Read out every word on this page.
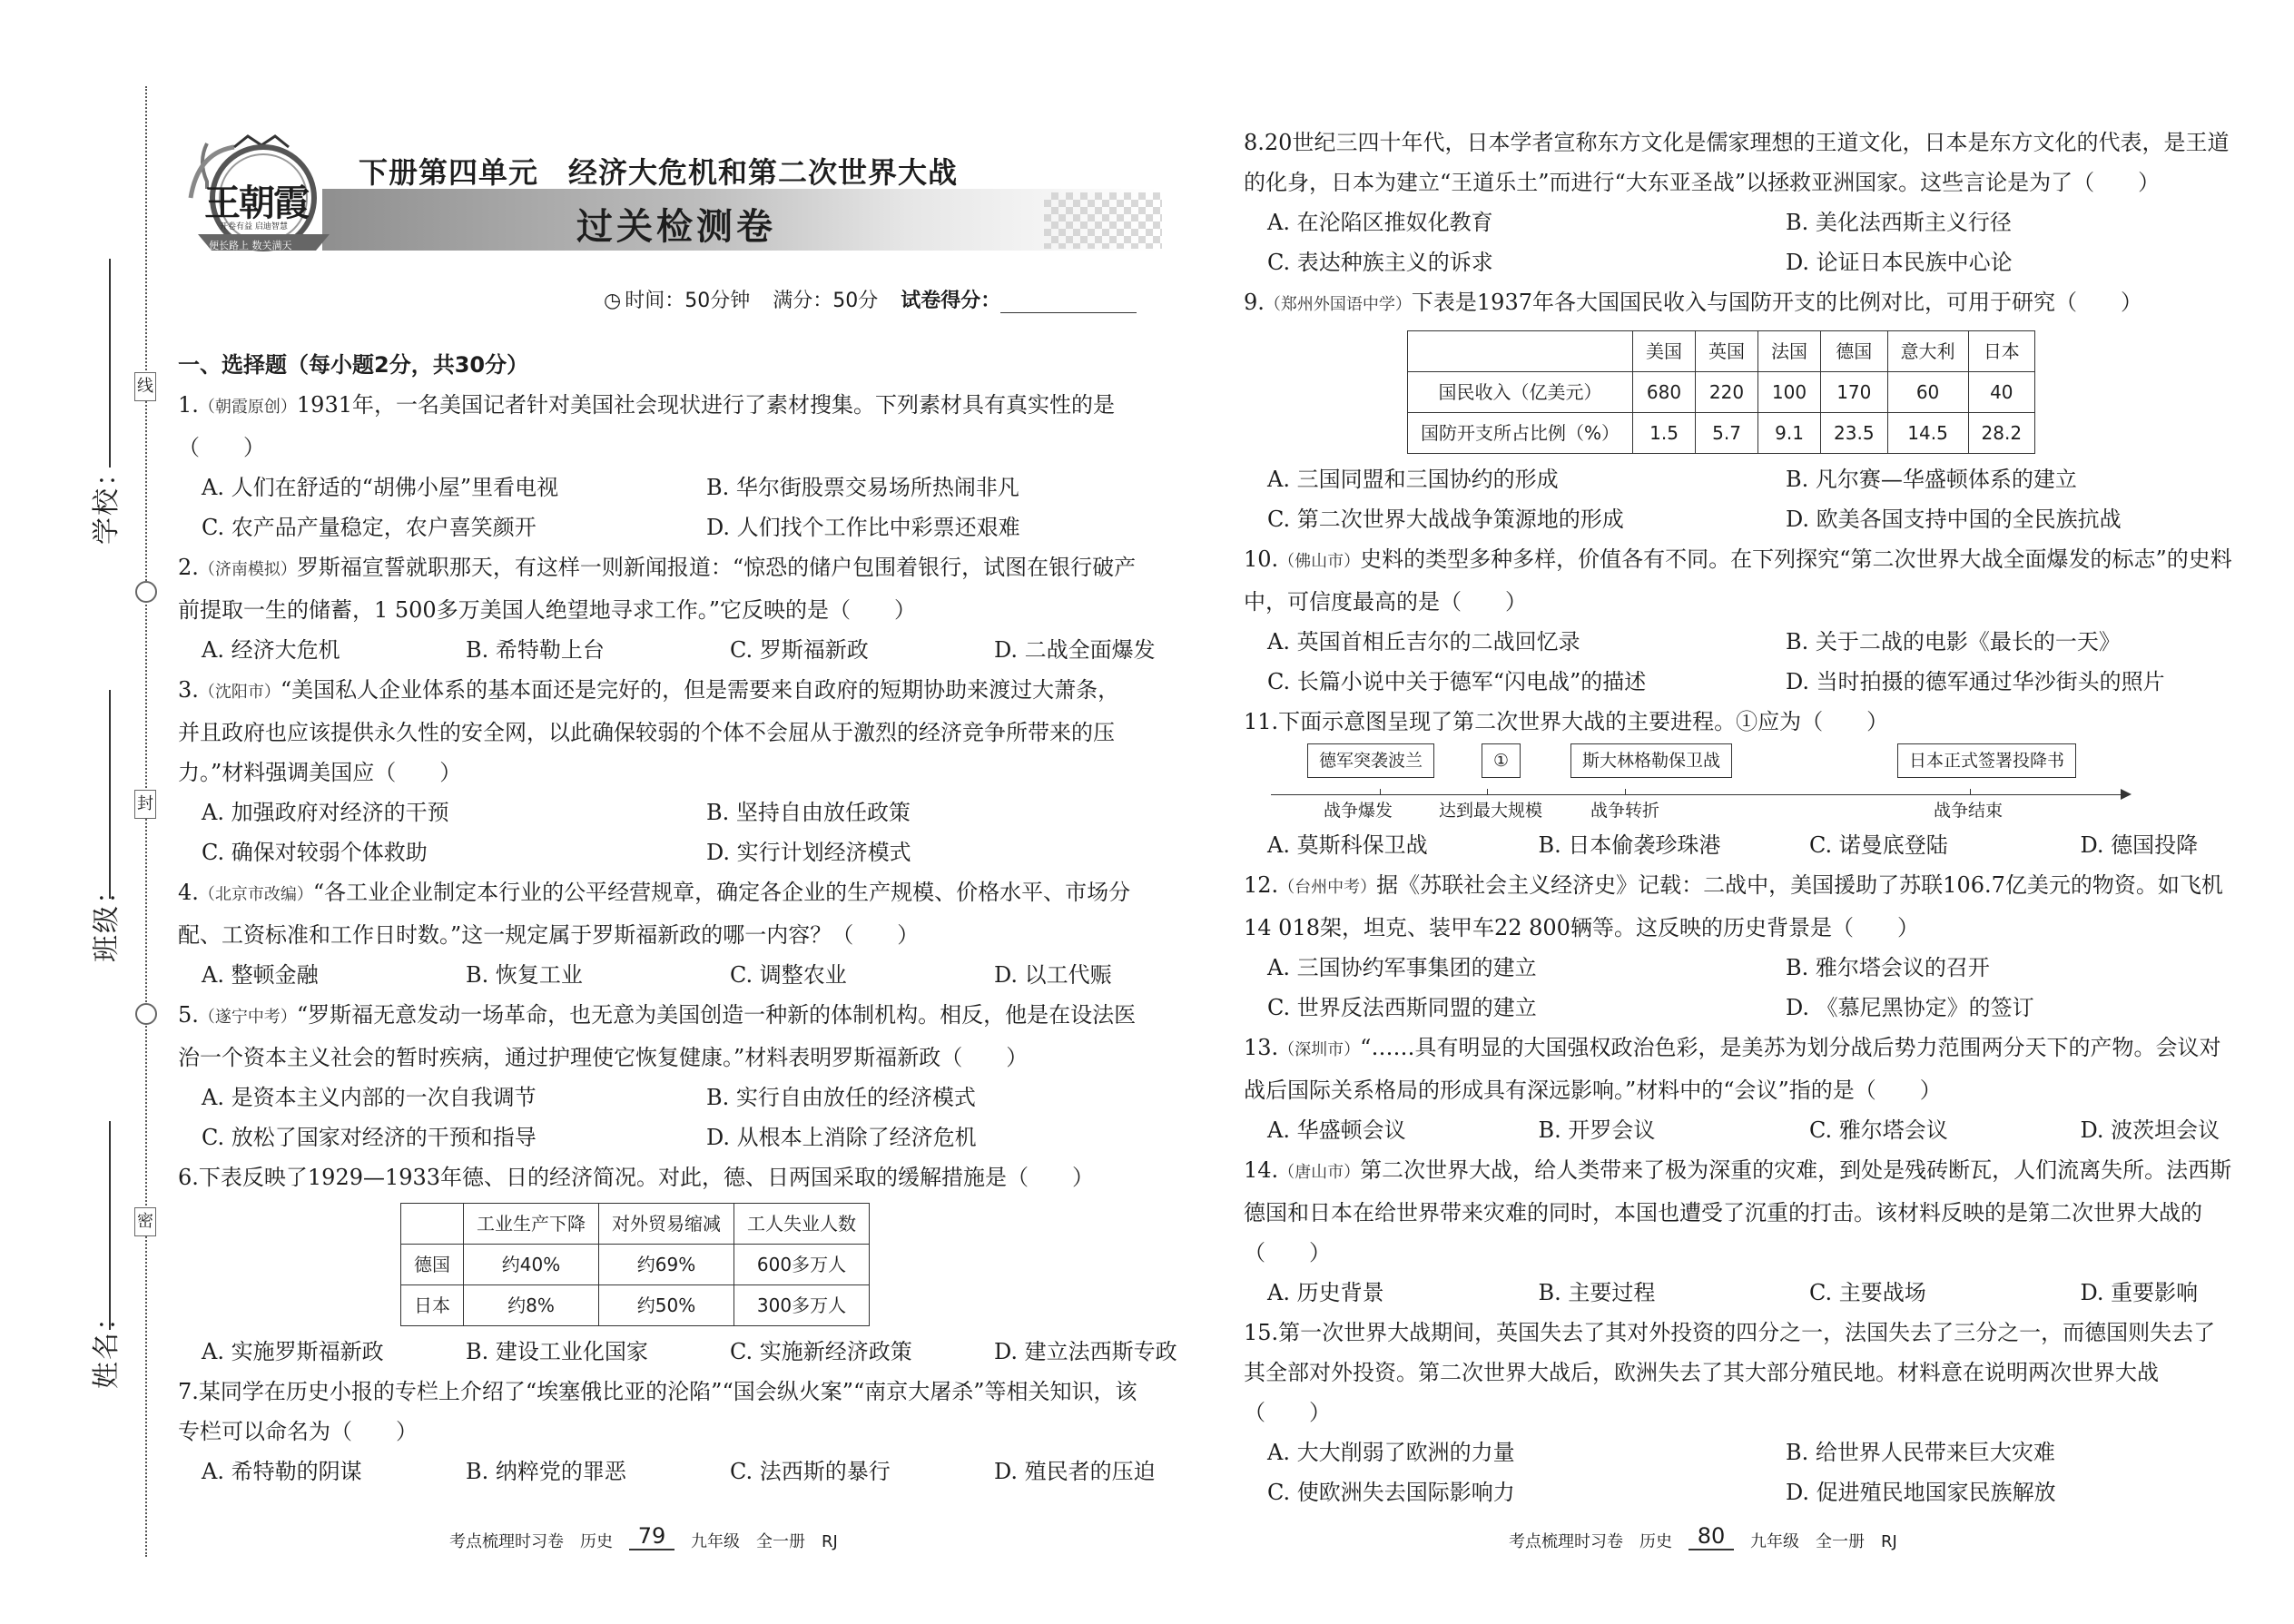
线
封
密
学校：
班级：
姓名：
王朝霞
开卷有益 启迪智慧
便长路上 数关满天
下册第四单元　经济大危机和第二次世界大战
过关检测卷
◷ 时间：50分钟 满分：50分 试卷得分：
一、选择题（每小题2分，共30分）
1.（朝霞原创）1931年，一名美国记者针对美国社会现状进行了素材搜集。下列素材具有真实性的是（　　）
A. 人们在舒适的“胡佛小屋”里看电视	B. 华尔街股票交易场所热闹非凡
C. 农产品产量稳定，农户喜笑颜开	D. 人们找个工作比中彩票还艰难
2.（济南模拟）罗斯福宣誓就职那天，有这样一则新闻报道：“惊恐的储户包围着银行，试图在银行破产前提取一生的储蓄，1 500多万美国人绝望地寻求工作。”它反映的是（　　）
A. 经济大危机	B. 希特勒上台	C. 罗斯福新政	D. 二战全面爆发
3.（沈阳市）“美国私人企业体系的基本面还是完好的，但是需要来自政府的短期协助来渡过大萧条，并且政府也应该提供永久性的安全网，以此确保较弱的个体不会屈从于激烈的经济竞争所带来的压力。”材料强调美国应（　　）
A. 加强政府对经济的干预	B. 坚持自由放任政策
C. 确保对较弱个体救助	D. 实行计划经济模式
4.（北京市改编）“各工业企业制定本行业的公平经营规章，确定各企业的生产规模、价格水平、市场分配、工资标准和工作日时数。”这一规定属于罗斯福新政的哪一内容？（　　）
A. 整顿金融	B. 恢复工业	C. 调整农业	D. 以工代赈
5.（遂宁中考）“罗斯福无意发动一场革命，也无意为美国创造一种新的体制机构。相反，他是在设法医治一个资本主义社会的暂时疾病，通过护理使它恢复健康。”材料表明罗斯福新政（　　）
A. 是资本主义内部的一次自我调节	B. 实行自由放任的经济模式
C. 放松了国家对经济的干预和指导	D. 从根本上消除了经济危机
6.下表反映了1929—1933年德、日的经济简况。对此，德、日两国采取的缓解措施是（　　）
	工业生产下降	对外贸易缩减	工人失业人数
德国	约40%	约69%	600多万人
日本	约8%	约50%	300多万人
A. 实施罗斯福新政	B. 建设工业化国家	C. 实施新经济政策	D. 建立法西斯专政
7.某同学在历史小报的专栏上介绍了“埃塞俄比亚的沦陷”“国会纵火案”“南京大屠杀”等相关知识，该专栏可以命名为（　　）
A. 希特勒的阴谋	B. 纳粹党的罪恶	C. 法西斯的暴行	D. 殖民者的压迫
8.20世纪三四十年代，日本学者宣称东方文化是儒家理想的王道文化，日本是东方文化的代表，是王道的化身，日本为建立“王道乐土”而进行“大东亚圣战”以拯救亚洲国家。这些言论是为了（　　）
A. 在沦陷区推奴化教育	B. 美化法西斯主义行径
C. 表达种族主义的诉求	D. 论证日本民族中心论
9.（郑州外国语中学）下表是1937年各大国国民收入与国防开支的比例对比，可用于研究（　　）
	美国	英国	法国	德国	意大利	日本
国民收入（亿美元）	680	220	100	170	60	40
国防开支所占比例（%）	1.5	5.7	9.1	23.5	14.5	28.2
A. 三国同盟和三国协约的形成	B. 凡尔赛—华盛顿体系的建立
C. 第二次世界大战战争策源地的形成	D. 欧美各国支持中国的全民族抗战
10.（佛山市）史料的类型多种多样，价值各有不同。在下列探究“第二次世界大战全面爆发的标志”的史料中，可信度最高的是（　　）
A. 英国首相丘吉尔的二战回忆录	B. 关于二战的电影《最长的一天》
C. 长篇小说中关于德军“闪电战”的描述	D. 当时拍摄的德军通过华沙街头的照片
11.下面示意图呈现了第二次世界大战的主要进程。①应为（　　）
德军突袭波兰	①	斯大林格勒保卫战	日本正式签署投降书
战争爆发	达到最大规模	战争转折	战争结束
A. 莫斯科保卫战	B. 日本偷袭珍珠港	C. 诺曼底登陆	D. 德国投降
12.（台州中考）据《苏联社会主义经济史》记载：二战中，美国援助了苏联106.7亿美元的物资。如飞机14 018架，坦克、装甲车22 800辆等。这反映的历史背景是（　　）
A. 三国协约军事集团的建立	B. 雅尔塔会议的召开
C. 世界反法西斯同盟的建立	D. 《慕尼黑协定》的签订
13.（深圳市）“……具有明显的大国强权政治色彩，是美苏为划分战后势力范围两分天下的产物。会议对战后国际关系格局的形成具有深远影响。”材料中的“会议”指的是（　　）
A. 华盛顿会议	B. 开罗会议	C. 雅尔塔会议	D. 波茨坦会议
14.（唐山市）第二次世界大战，给人类带来了极为深重的灾难，到处是残砖断瓦，人们流离失所。法西斯德国和日本在给世界带来灾难的同时，本国也遭受了沉重的打击。该材料反映的是第二次世界大战的（　　）
A. 历史背景	B. 主要过程	C. 主要战场	D. 重要影响
15.第一次世界大战期间，英国失去了其对外投资的四分之一，法国失去了三分之一，而德国则失去了其全部对外投资。第二次世界大战后，欧洲失去了其大部分殖民地。材料意在说明两次世界大战（　　）
A. 大大削弱了欧洲的力量	B. 给世界人民带来巨大灾难
C. 使欧洲失去国际影响力	D. 促进殖民地国家民族解放
考点梳理时习卷　历史 79 九年级　全一册　RJ	考点梳理时习卷　历史 80 九年级　全一册　RJ
